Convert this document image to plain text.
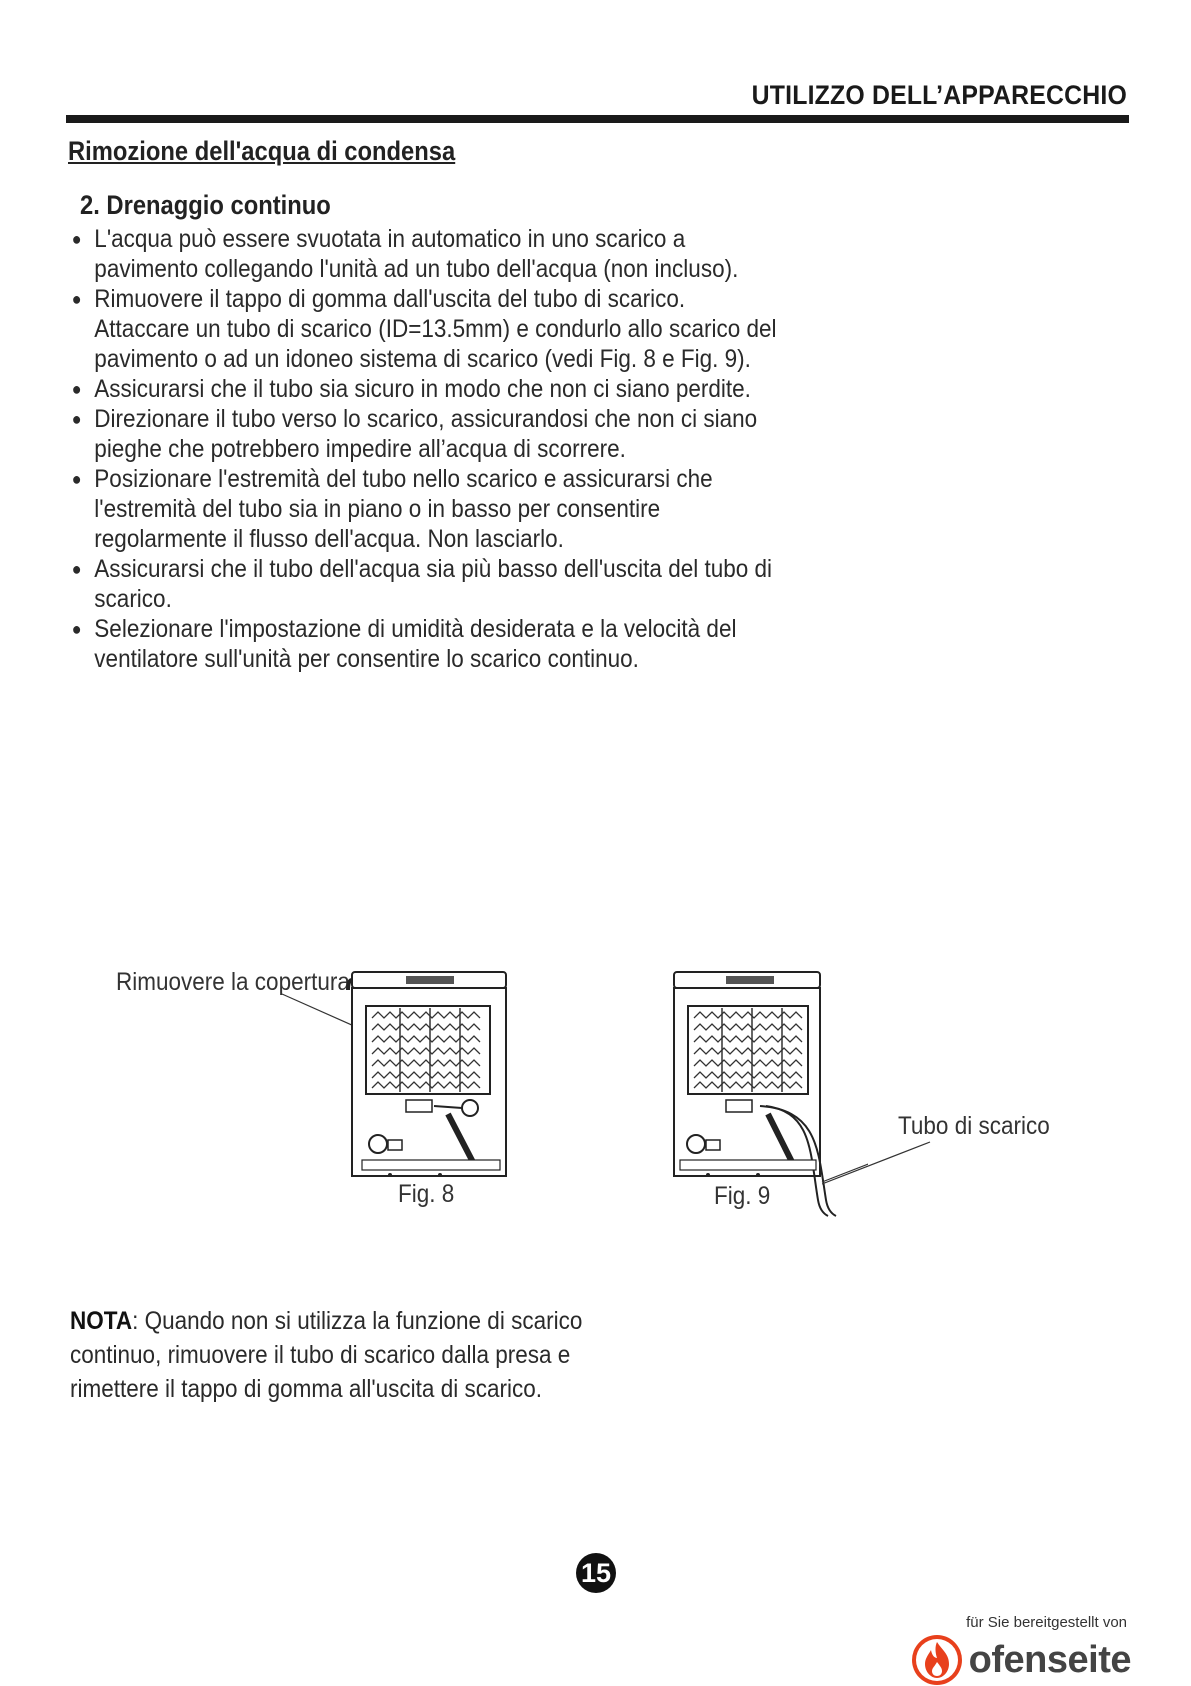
UTILIZZO DELL’APPARECCHIO
Rimozione dell'acqua di condensa
2. Drenaggio continuo
● L'acqua può essere svuotata in automatico in uno scarico a pavimento collegando l'unità ad un tubo dell'acqua (non incluso).
● Rimuovere il tappo di gomma dall'uscita del tubo di scarico. Attaccare un tubo di scarico (ID=13.5mm) e condurlo allo scarico del pavimento o ad un idoneo sistema di scarico (vedi Fig. 8 e Fig. 9).
● Assicurarsi che il tubo sia sicuro in modo che non ci siano perdite.
● Direzionare il tubo verso lo scarico, assicurandosi che non ci siano pieghe che potrebbero impedire all’acqua di scorrere.
● Posizionare l'estremità del tubo nello scarico e assicurarsi che l'estremità del tubo sia in piano o in basso per consentire regolarmente il flusso dell'acqua. Non lasciarlo.
● Assicurarsi che il tubo dell'acqua sia più basso dell'uscita del tubo di scarico.
● Selezionare l'impostazione di umidità desiderata e la velocità del ventilatore sull'unità per consentire lo scarico continuo.
Rimuovere la copertura
Fig. 8
Tubo di scarico
Fig. 9
NOTA: Quando non si utilizza la funzione di scarico continuo, rimuovere il tubo di scarico dalla presa e rimettere il tappo di gomma all'uscita di scarico.
15
für Sie bereitgestellt von
ofenseite
